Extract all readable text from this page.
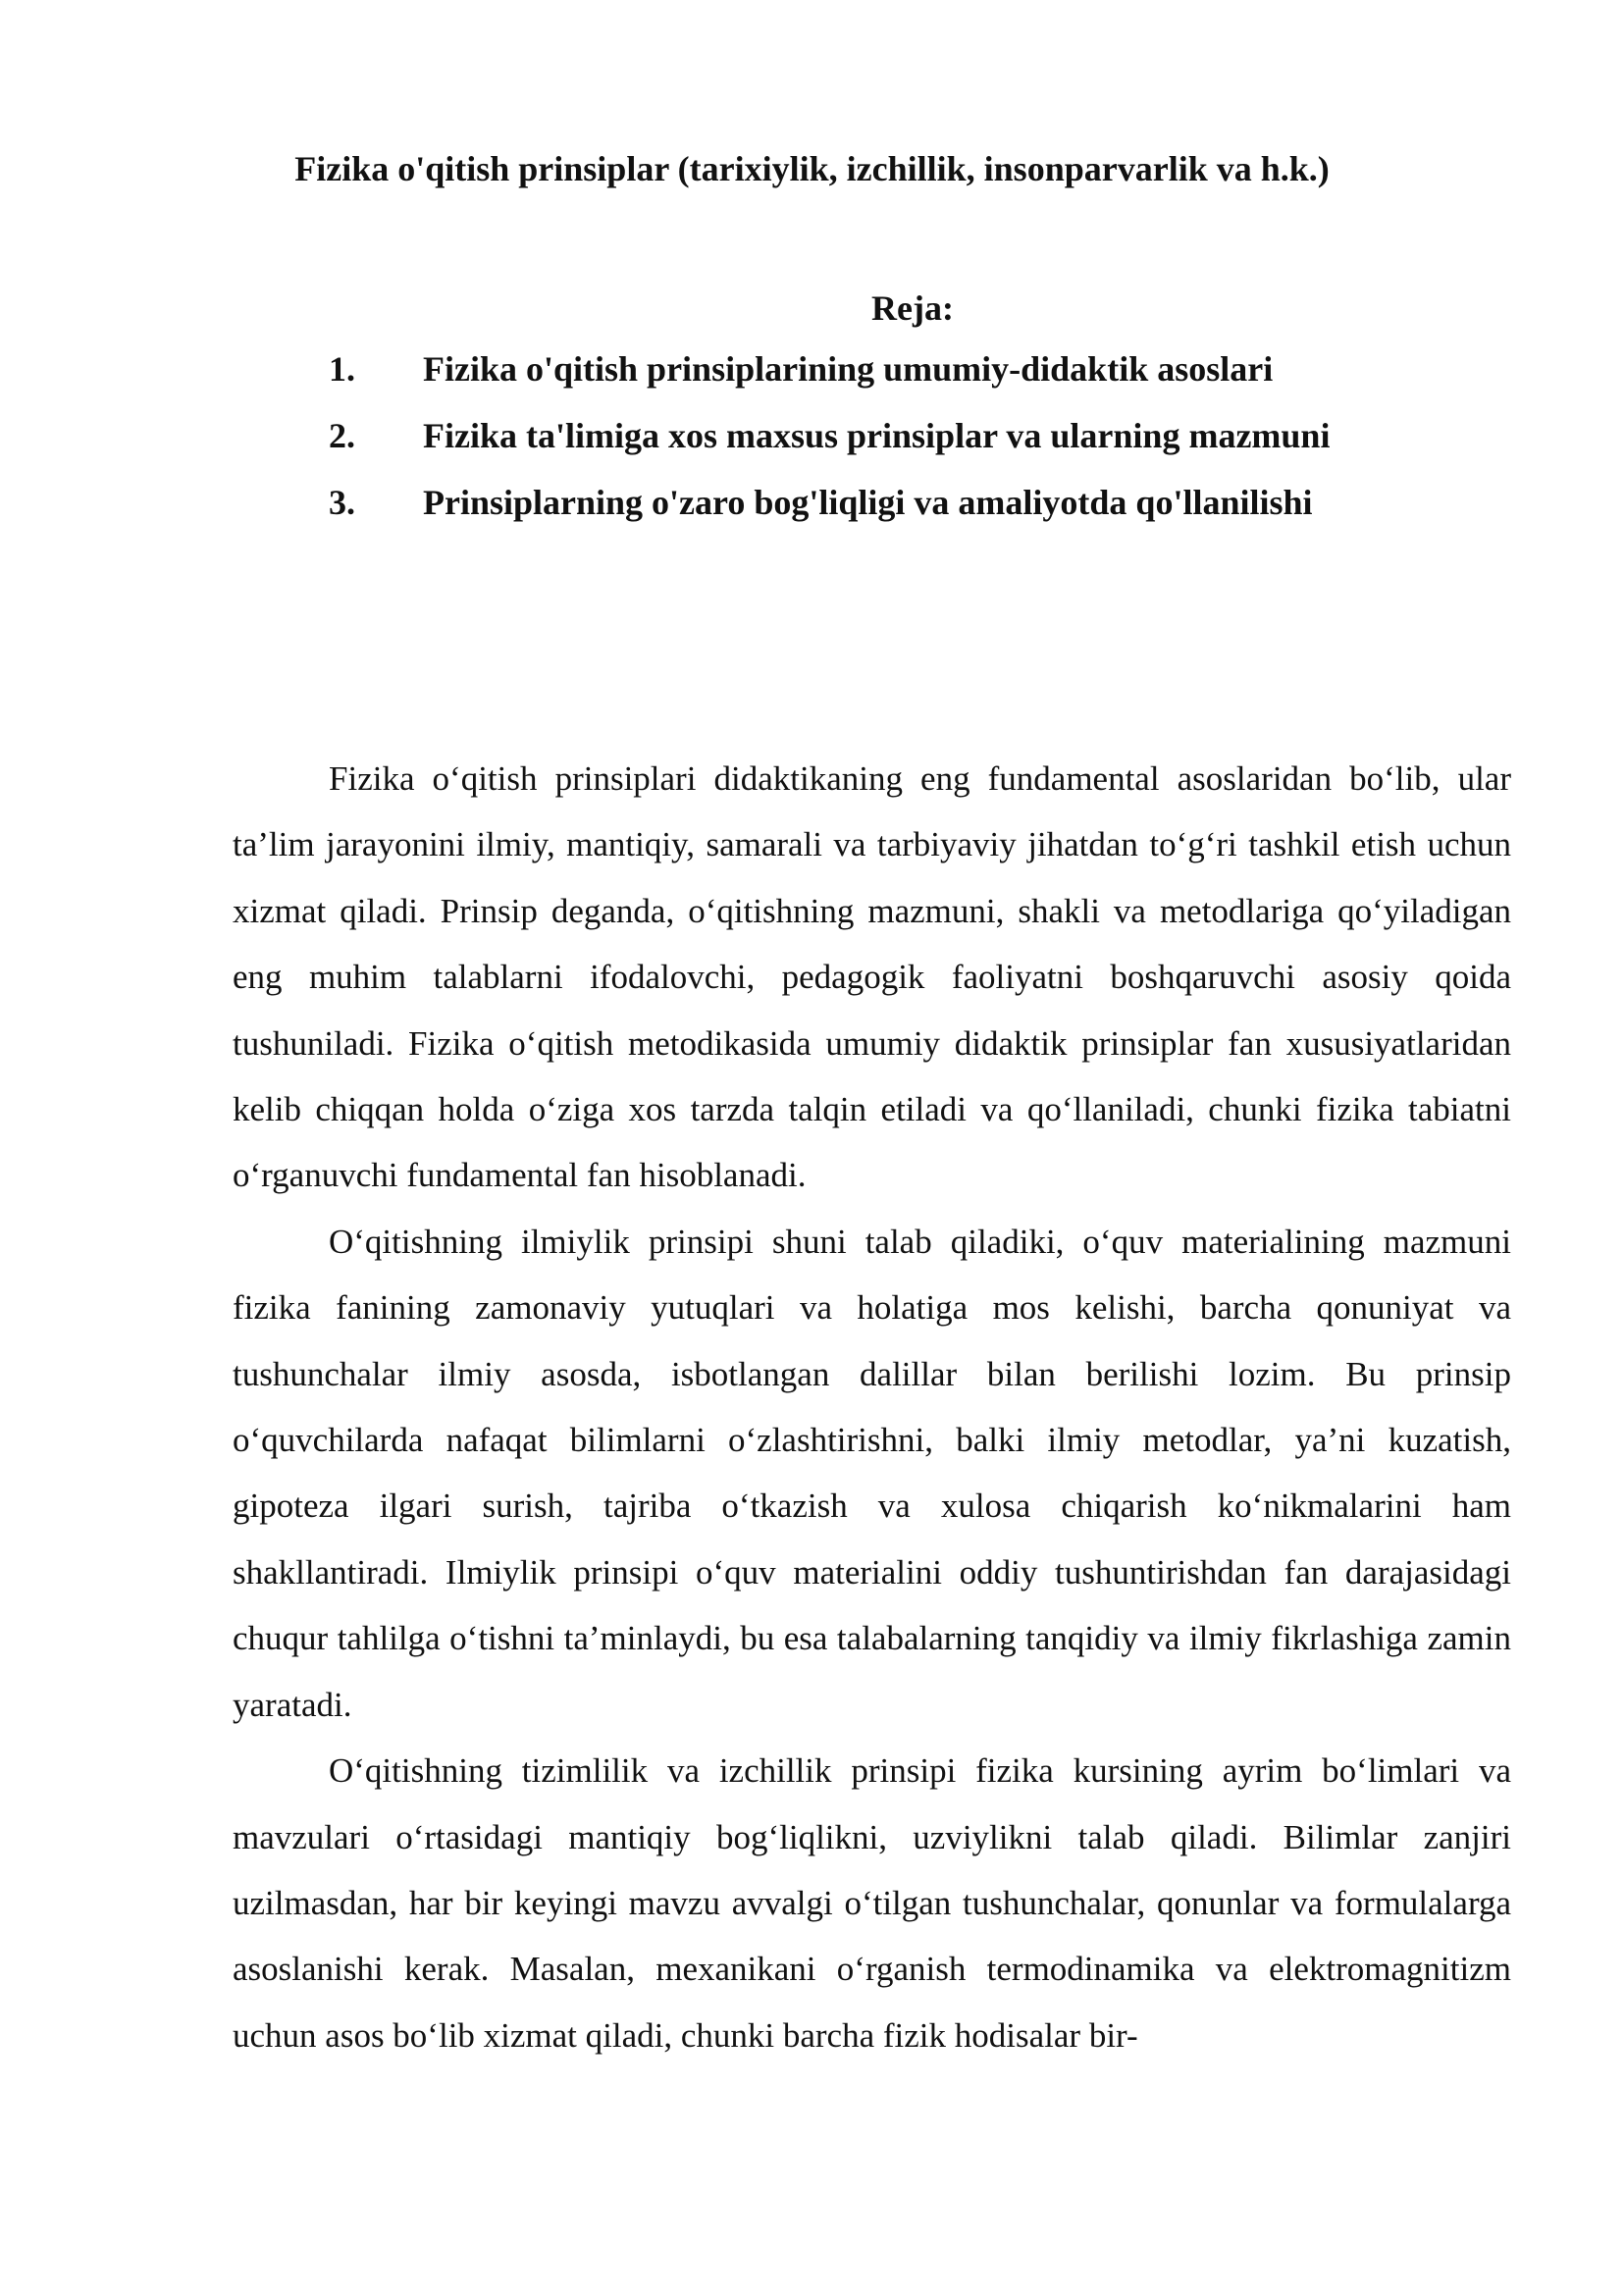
Fizika o'qitish prinsiplar (tarixiylik, izchillik, insonparvarlik va h.k.)
Reja:
1.	Fizika o'qitish prinsiplarining umumiy-didaktik asoslari
2.	Fizika ta'limiga xos maxsus prinsiplar va ularning mazmuni
3.	Prinsiplarning o'zaro bog'liqligi va amaliyotda qo'llanilishi

Fizika o‘qitish prinsiplari didaktikaning eng fundamental asoslaridan bo‘lib, ular ta’lim jarayonini ilmiy, mantiqiy, samarali va tarbiyaviy jihatdan to‘g‘ri tashkil etish uchun xizmat qiladi. Prinsip deganda, o‘qitishning mazmuni, shakli va metodlariga qo‘yiladigan eng muhim talablarni ifodalovchi, pedagogik faoliyatni boshqaruvchi asosiy qoida tushuniladi. Fizika o‘qitish metodikasida umumiy didaktik prinsiplar fan xususiyatlaridan kelib chiqqan holda o‘ziga xos tarzda talqin etiladi va qo‘llaniladi, chunki fizika tabiatni o‘rganuvchi fundamental fan hisoblanadi.

O‘qitishning ilmiylik prinsipi shuni talab qiladiki, o‘quv materialining mazmuni fizika fanining zamonaviy yutuqlari va holatiga mos kelishi, barcha qonuniyat va tushunchalar ilmiy asosda, isbotlangan dalillar bilan berilishi lozim. Bu prinsip o‘quvchilarda nafaqat bilimlarni o‘zlashtirishni, balki ilmiy metodlar, ya’ni kuzatish, gipoteza ilgari surish, tajriba o‘tkazish va xulosa chiqarish ko‘nikmalarini ham shakllantiradi. Ilmiylik prinsipi o‘quv materialini oddiy tushuntirishdan fan darajasidagi chuqur tahlilga o‘tishni ta’minlaydi, bu esa talabalarning tanqidiy va ilmiy fikrlashiga zamin yaratadi.

O‘qitishning tizimlilik va izchillik prinsipi fizika kursining ayrim bo‘limlari va mavzulari o‘rtasidagi mantiqiy bog‘liqlikni, uzviylikni talab qiladi. Bilimlar zanjiri uzilmasdan, har bir keyingi mavzu avvalgi o‘tilgan tushunchalar, qonunlar va formulalarga asoslanishi kerak. Masalan, mexanikani o‘rganish termodinamika va elektromagnitizm uchun asos bo‘lib xizmat qiladi, chunki barcha fizik hodisalar bir-
